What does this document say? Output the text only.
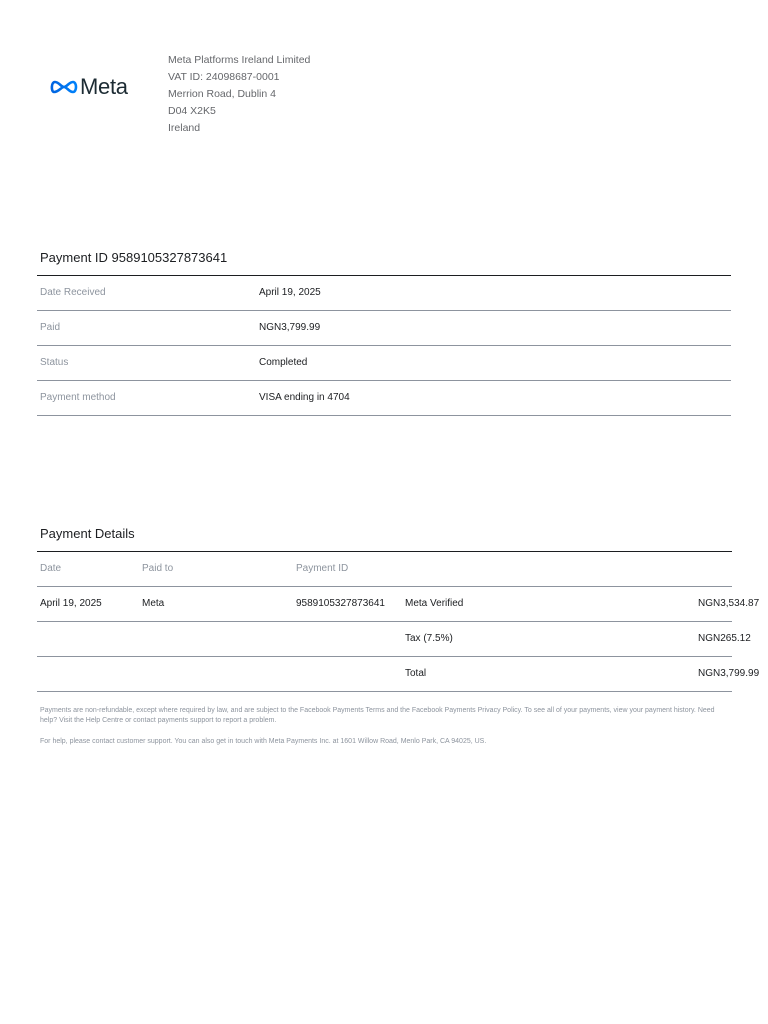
Meta
Meta Platforms Ireland Limited
VAT ID: 24098687-0001
Merrion Road, Dublin 4
D04 X2K5
Ireland
Payment ID 9589105327873641
Date Received	April 19, 2025
Paid	NGN3,799.99
Status	Completed
Payment method	VISA ending in 4704
Payment Details
Date	Paid to	Payment ID
April 19, 2025	Meta	9589105327873641 Meta Verified	NGN3,534.87
Tax (7.5%)	NGN265.12
Total	NGN3,799.99
Payments are non-refundable, except where required by law, and are subject to the Facebook Payments Terms and the Facebook Payments Privacy Policy. To see all of your payments, view your payment history. Need help? Visit the Help Centre or contact payments support to report a problem.
For help, please contact customer support. You can also get in touch with Meta Payments Inc. at 1601 Willow Road, Menlo Park, CA 94025, US.
